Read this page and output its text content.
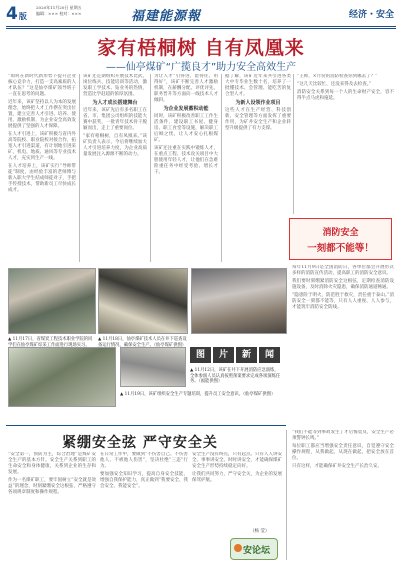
4版
2020年11月20日 星期五
编辑：××× 校对：×××	福建能源報	经济・安全
家有梧桐树 自有凤凰来
——仙亭煤矿“广揽良才”助力安全高效生产

“如何在新时代新形势下提升企业核心竞争力，打造一支高素质的人才队伍？”这是仙亭煤矿领导班子一直在思考的问题。

近年来，该矿坚持以人为本的发展理念，始终把人才工作摆在突出位置，建立完善人才引进、培养、使用、激励机制，为企业安全高效发展提供了坚强的人才保障。

在人才引进上，该矿积极与省内外高等院校、职业院校对接合作，拓宽人才引进渠道，有计划地引进采矿、机电、地质、通风等专业技术人才，充实到生产一线。

在人才培养上，该矿实行“导师带徒”制度，由经验丰富的老师傅与新入职大学生结成师徒对子，手把手传授技术，帮助新员工尽快成长成才。

该矿还定期组织开展技术比武、岗位练兵、技能培训等活动，激发职工学技术、钻业务的热情，营造比学赶超的浓厚氛围。

为人才成长搭建舞台

近年来，该矿先后有多名职工在省、市、集团公司组织的技能大赛中获奖，一批青年技术骨干脱颖而出，走上了重要岗位。

“家有梧桐树，自有凤凰来。”该矿负责人表示，今后将继续加大人才引进培养力度，为企业高质量发展注入源源不断的动力。

为让人才“引得进、留得住、用得好”，该矿不断完善人才激励机制，在薪酬分配、评优评先、职务晋升等方面向一线技术人才倾斜。

为企业发展蓄积动能

同时，该矿积极改善职工工作生活条件，建设职工书屋、健身房、职工食堂等设施，解决职工后顾之忧，让人才安心扎根煤矿。

该矿还注重在实践中锻炼人才，在重点工程、技术攻关项目中大胆使用年轻人才，让他们在急难险重任务中经受考验、增长才干。

据了解，该矿近年来共引进各类大中专毕业生数十名，培养了一批懂技术、会管理、能吃苦的复合型人才。

为新人设领作业项目

这些人才在生产经营、科技创新、安全管理等方面发挥了重要作用，为矿井安全生产和企业转型升级提供了有力支撑。

“王师，×月份的消防检查你到哪去了？”

“这几天比较忙，还没来得及去检查。”

消防安全关系到每一个人的生命财产安全，容不得半点马虎和拖延。

消防安全
一刻都不能等！

每年11月9日是全国消防日，各单位都会开展形式多样的消防宣传活动，提高职工的消防安全意识。

我们要时刻绷紧消防安全这根弦，定期检查消防设施设备，及时消除火灾隐患，确保消防通道畅通。

“隐患险于明火，防范胜于救灾，责任重于泰山。”消防安全一刻都不能等，只有人人重视、人人参与，才能筑牢消防安全防线。

▲ 11月17日，省煤炭工程技术职业学院的同学们在仙亭煤矿综采工作面进行现场实习。
▲ 11月18日，仙亭煤矿技术人员在井下巡查设备运行情况，确保安全生产。（仙亭煤矿供图）
图	片	新	闻
▲ 11月12日，该矿在井下开展消防应急演练，全体参演人员认真按照预案要求完成各项演练任务。（福能供图）
▲ 11月19日，该矿组织安全生产专题培训，提升员工安全意识。（仙亭煤矿供图）
紧绷安全弦 严守安全关

“安全第一，预防为主，综合治理”是煤矿安全生产的基本方针。安全生产关系到职工的生命安全和身体健康，关系到企业的生存和发展。

作为一名煤矿职工，要牢固树立“安全就是效益”的理念，时刻紧绷安全这根弦，严格遵守各项规章制度和操作规程。

在日常工作中，要做到“不伤害自己、不伤害他人、不被他人伤害”，坚决杜绝“三违”行为。

要加强安全知识学习，提高自身安全技能，增强自我保护能力，真正做到“我要安全、我会安全、我能安全”。

安全生产没有终点，只有起点。只有人人讲安全、事事讲安全、时时讲安全，才能确保煤矿安全生产形势持续稳定向好。

让我们共同努力，严守安全关，为企业的发展保驾护航。

（杨 莹）
安论坛

“我们不能等到事故发生了才后悔莫及，安全生产必须警钟长鸣。”

每位职工都应当增强安全责任意识，自觉遵守安全操作规程，从我做起，从现在做起，把安全放在首位。

只有这样，才能确保矿井安全生产长治久安。
